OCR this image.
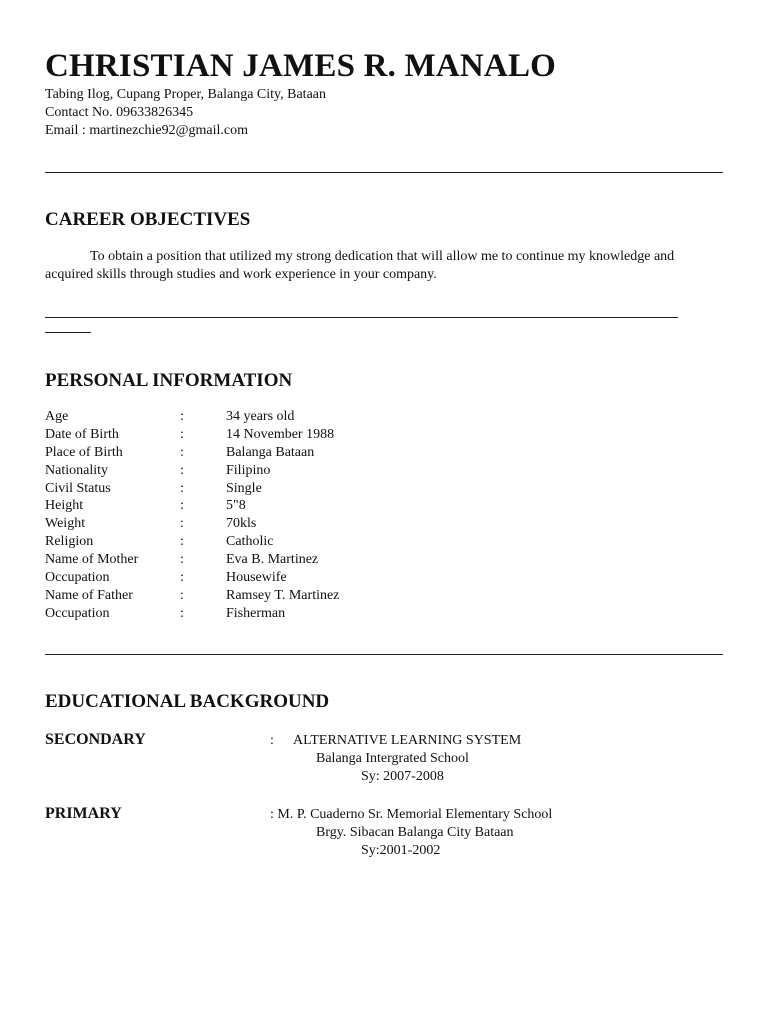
CHRISTIAN JAMES R. MANALO
Tabing Ilog, Cupang Proper, Balanga City, Bataan
Contact No. 09633826345
Email : martinezchie92@gmail.com
CAREER OBJECTIVES
To obtain a position that utilized my strong dedication that will allow me to continue my knowledge and acquired skills through studies and work experience in your company.
PERSONAL INFORMATION
Age	:	34 years old
Date of Birth	:	14 November 1988
Place of Birth	:	Balanga Bataan
Nationality	:	Filipino
Civil Status	:	Single
Height	:	5"8
Weight	:	70kls
Religion	:	Catholic
Name of Mother	:	Eva B. Martinez
Occupation	:	Housewife
Name of Father	:	Ramsey T. Martinez
Occupation	:	Fisherman
EDUCATIONAL BACKGROUND
SECONDARY	: ALTERNATIVE LEARNING SYSTEM
Balanga Intergrated School
Sy: 2007-2008
PRIMARY	: M. P. Cuaderno Sr. Memorial Elementary School
Brgy. Sibacan Balanga City Bataan
Sy:2001-2002
